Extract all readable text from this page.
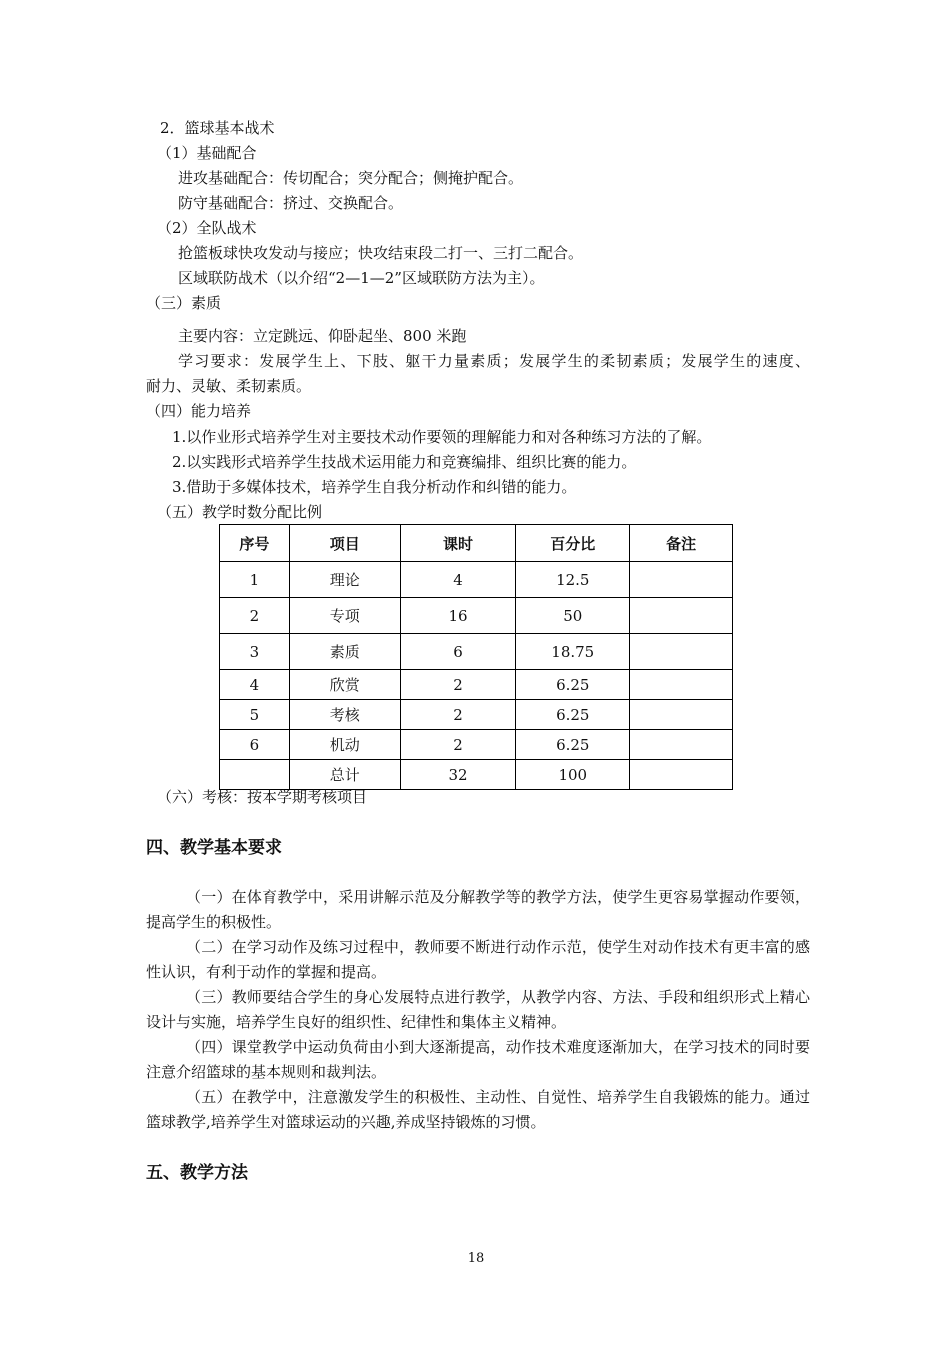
2．篮球基本战术
（1）基础配合
进攻基础配合：传切配合；突分配合；侧掩护配合。
防守基础配合：挤过、交换配合。
（2）全队战术
抢篮板球快攻发动与接应；快攻结束段二打一、三打二配合。
区域联防战术（以介绍“2—1—2”区域联防方法为主）。
（三）素质
主要内容：立定跳远、仰卧起坐、800 米跑
学习要求：发展学生上、下肢、躯干力量素质；发展学生的柔韧素质；发展学生的速度、
耐力、灵敏、柔韧素质。
（四）能力培养
1.以作业形式培养学生对主要技术动作要领的理解能力和对各种练习方法的了解。
2.以实践形式培养学生技战术运用能力和竞赛编排、组织比赛的能力。
3.借助于多媒体技术，培养学生自我分析动作和纠错的能力。
（五）教学时数分配比例
序号	项目	课时	百分比	备注
1	理论	4	12.5	
2	专项	16	50	
3	素质	6	18.75	
4	欣赏	2	6.25	
5	考核	2	6.25	
6	机动	2	6.25	
	总计	32	100	
（六）考核：按本学期考核项目
四、教学基本要求
（一）在体育教学中，采用讲解示范及分解教学等的教学方法，使学生更容易掌握动作要领，提高学生的积极性。
（二）在学习动作及练习过程中，教师要不断进行动作示范，使学生对动作技术有更丰富的感性认识，有利于动作的掌握和提高。
（三）教师要结合学生的身心发展特点进行教学，从教学内容、方法、手段和组织形式上精心设计与实施，培养学生良好的组织性、纪律性和集体主义精神。
（四）课堂教学中运动负荷由小到大逐渐提高，动作技术难度逐渐加大，在学习技术的同时要注意介绍篮球的基本规则和裁判法。
（五）在教学中，注意激发学生的积极性、主动性、自觉性、培养学生自我锻炼的能力。通过篮球教学,培养学生对篮球运动的兴趣,养成坚持锻炼的习惯。
五、教学方法
18
